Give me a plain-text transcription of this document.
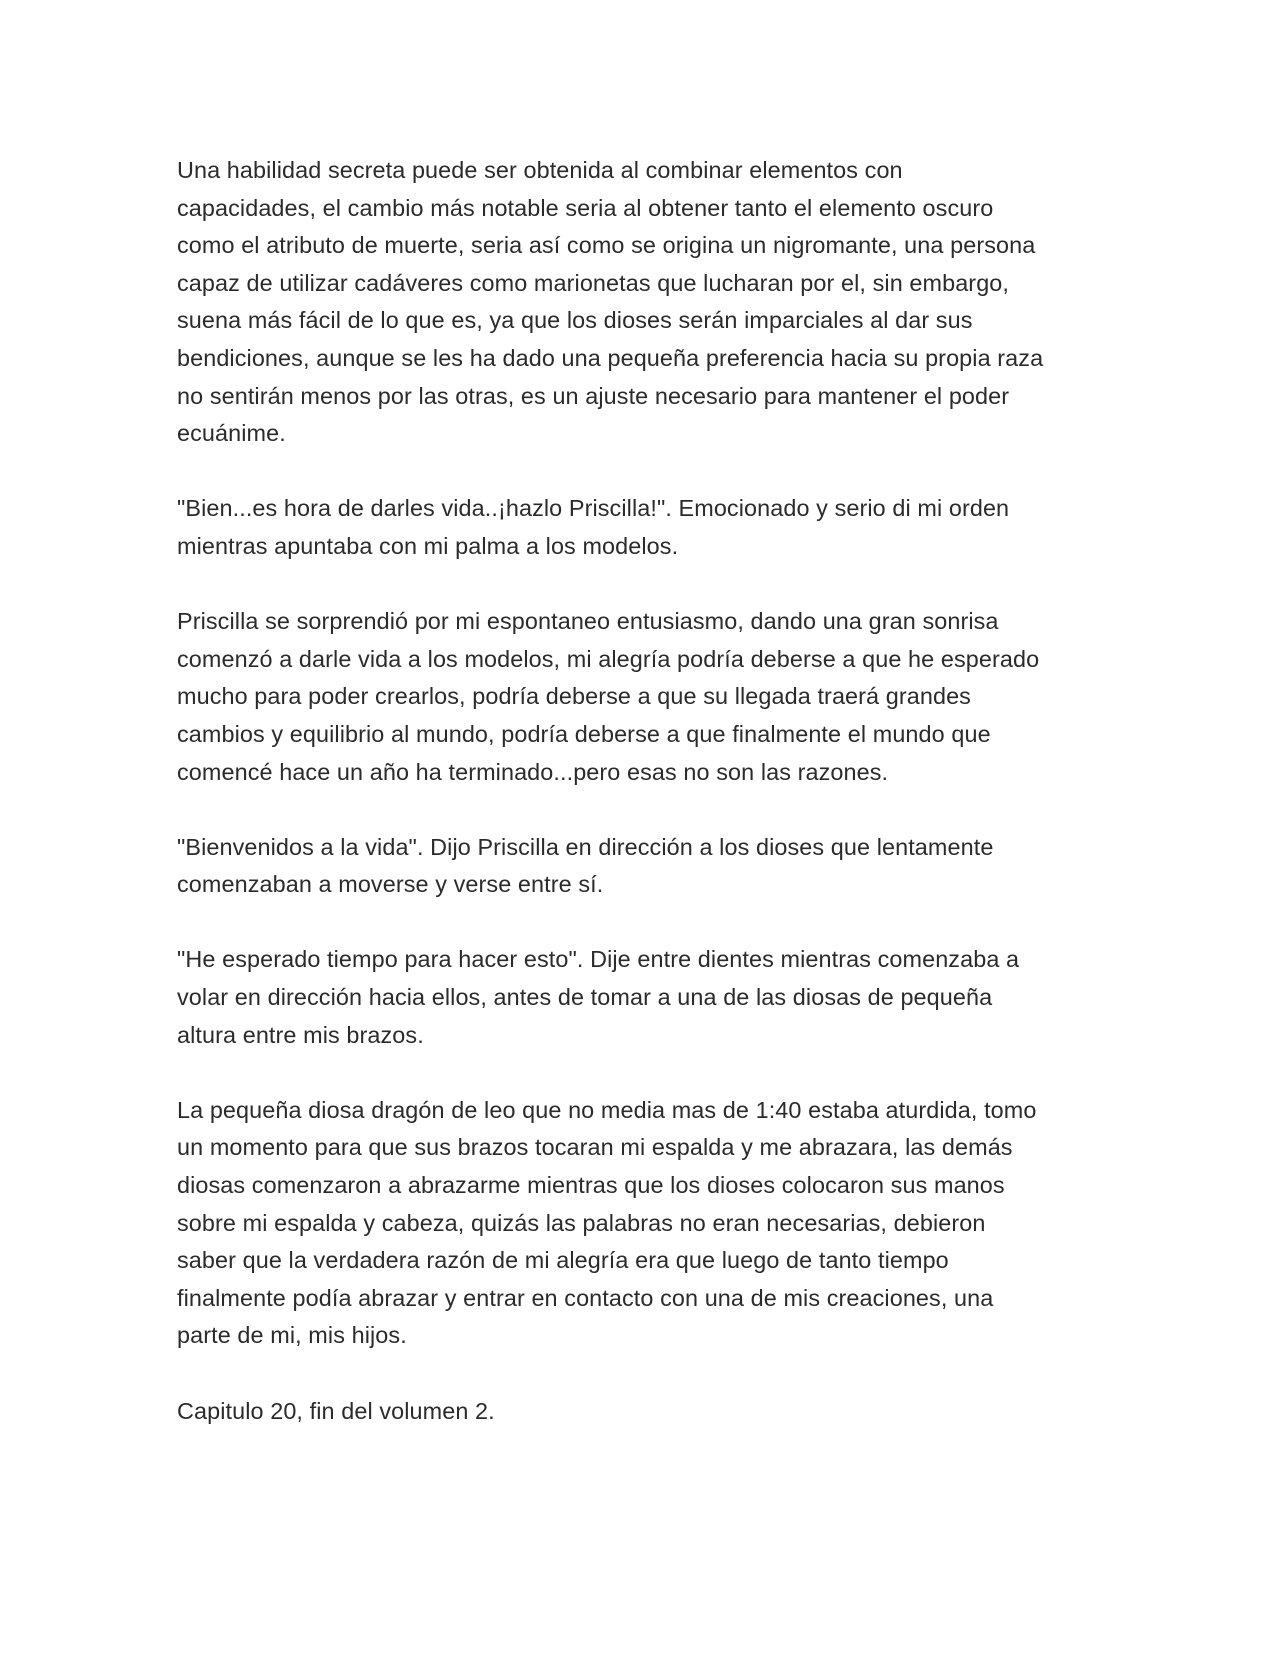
Una habilidad secreta puede ser obtenida al combinar elementos con
capacidades, el cambio más notable seria al obtener tanto el elemento oscuro
como el atributo de muerte, seria así como se origina un nigromante, una persona
capaz de utilizar cadáveres como marionetas que lucharan por el, sin embargo,
suena más fácil de lo que es, ya que los dioses serán imparciales al dar sus
bendiciones, aunque se les ha dado una pequeña preferencia hacia su propia raza
no sentirán menos por las otras, es un ajuste necesario para mantener el poder
ecuánime.

"Bien...es hora de darles vida..¡hazlo Priscilla!". Emocionado y serio di mi orden
mientras apuntaba con mi palma a los modelos.

Priscilla se sorprendió por mi espontaneo entusiasmo, dando una gran sonrisa
comenzó a darle vida a los modelos, mi alegría podría deberse a que he esperado
mucho para poder crearlos, podría deberse a que su llegada traerá grandes
cambios y equilibrio al mundo, podría deberse a que finalmente el mundo que
comencé hace un año ha terminado...pero esas no son las razones.

"Bienvenidos a la vida". Dijo Priscilla en dirección a los dioses que lentamente
comenzaban a moverse y verse entre sí.

"He esperado tiempo para hacer esto". Dije entre dientes mientras comenzaba a
volar en dirección hacia ellos, antes de tomar a una de las diosas de pequeña
altura entre mis brazos.

La pequeña diosa dragón de leo que no media mas de 1:40 estaba aturdida, tomo
un momento para que sus brazos tocaran mi espalda y me abrazara, las demás
diosas comenzaron a abrazarme mientras que los dioses colocaron sus manos
sobre mi espalda y cabeza, quizás las palabras no eran necesarias, debieron
saber que la verdadera razón de mi alegría era que luego de tanto tiempo
finalmente podía abrazar y entrar en contacto con una de mis creaciones, una
parte de mi, mis hijos.

Capitulo 20, fin del volumen 2.
